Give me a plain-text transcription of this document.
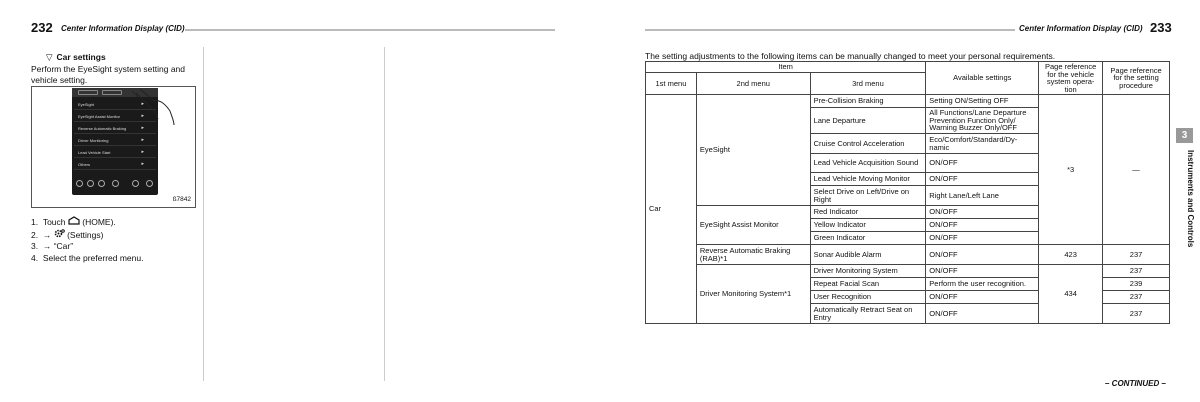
232 Center Information Display (CID)	Center Information Display (CID) 233
▽ Car settings
Perform the EyeSight system setting and vehicle setting.
EyeSight	▸
EyeSight Assist Monitor	▸
Reverse Automatic Braking	▸
Driver Monitoring	▸
Lead Vehicle Start	▸
Others	▸
ß7842
1. Touch (HOME).
2. → (Settings)
3. → “Car”
4. Select the preferred menu.
The setting adjustments to the following items can be manually changed to meet your personal requirements.
Item			Available settings	Page reference for the vehicle system opera- tion	Page reference for the setting procedure
1st menu	2nd menu	3rd menu			
Car	EyeSight	Pre-Collision Braking	Setting ON/Setting OFF	*3	—
		Lane Departure	All Functions/Lane Departure Prevention Function Only/ Warning Buzzer Only/OFF		
		Cruise Control Acceleration	Eco/Comfort/Standard/Dy- namic		
		Lead Vehicle Acquisition Sound	ON/OFF		
		Lead Vehicle Moving Monitor	ON/OFF		
		Select Drive on Left/Drive on Right	Right Lane/Left Lane		
	EyeSight Assist Monitor	Red Indicator	ON/OFF		
		Yellow Indicator	ON/OFF		
		Green Indicator	ON/OFF		
	Reverse Automatic Braking (RAB)*1	Sonar Audible Alarm	ON/OFF	423	237
	Driver Monitoring System*1	Driver Monitoring System	ON/OFF	434	237
		Repeat Facial Scan	Perform the user recognition.		239
		User Recognition	ON/OFF		237
		Automatically Retract Seat on Entry	ON/OFF		237
3
Instruments and Controls
– CONTINUED –
